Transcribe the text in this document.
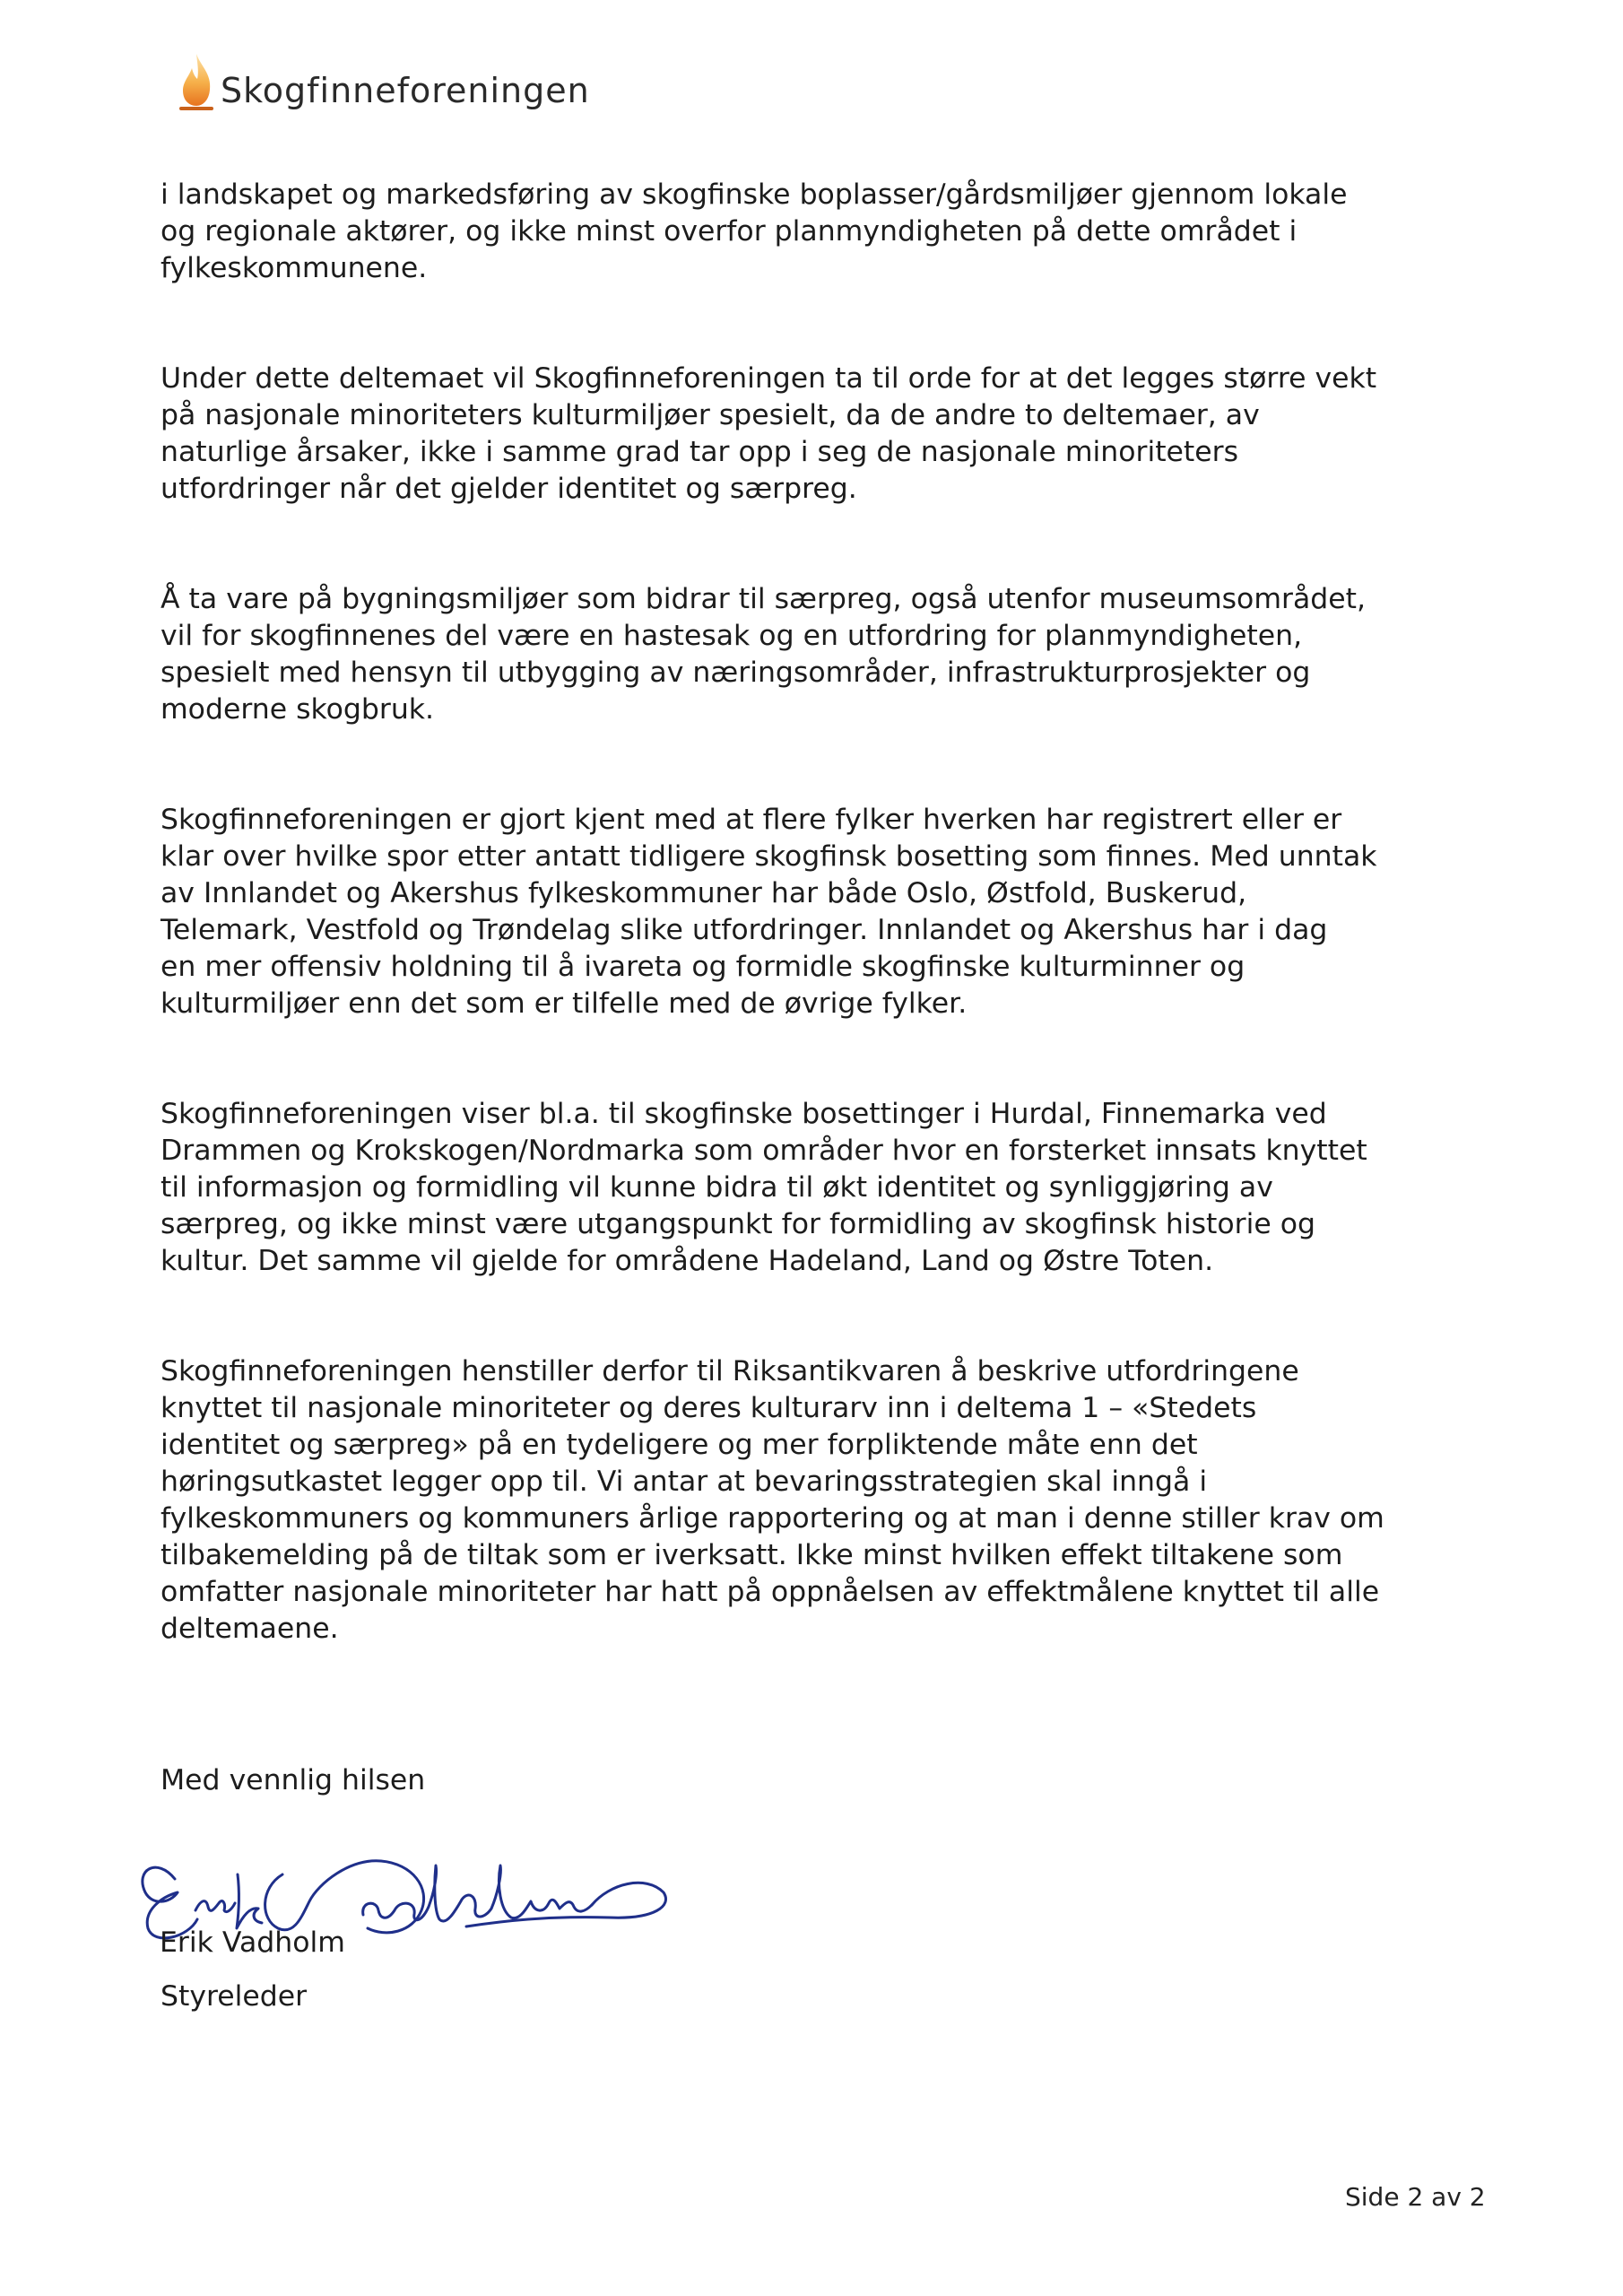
Skogfinneforeningen

i landskapet og markedsføring av skogfinske boplasser/gårdsmiljøer gjennom lokale
og regionale aktører, og ikke minst overfor planmyndigheten på dette området i
fylkeskommunene.

Under dette deltemaet vil Skogfinneforeningen ta til orde for at det legges større vekt
på nasjonale minoriteters kulturmiljøer spesielt, da de andre to deltemaer, av
naturlige årsaker, ikke i samme grad tar opp i seg de nasjonale minoriteters
utfordringer når det gjelder identitet og særpreg.

Å ta vare på bygningsmiljøer som bidrar til særpreg, også utenfor museumsområdet,
vil for skogfinnenes del være en hastesak og en utfordring for planmyndigheten,
spesielt med hensyn til utbygging av næringsområder, infrastrukturprosjekter og
moderne skogbruk.

Skogfinneforeningen er gjort kjent med at flere fylker hverken har registrert eller er
klar over hvilke spor etter antatt tidligere skogfinsk bosetting som finnes. Med unntak
av Innlandet og Akershus fylkeskommuner har både Oslo, Østfold, Buskerud,
Telemark, Vestfold og Trøndelag slike utfordringer. Innlandet og Akershus har i dag
en mer offensiv holdning til å ivareta og formidle skogfinske kulturminner og
kulturmiljøer enn det som er tilfelle med de øvrige fylker.

Skogfinneforeningen viser bl.a. til skogfinske bosettinger i Hurdal, Finnemarka ved
Drammen og Krokskogen/Nordmarka som områder hvor en forsterket innsats knyttet
til informasjon og formidling vil kunne bidra til økt identitet og synliggjøring av
særpreg, og ikke minst være utgangspunkt for formidling av skogfinsk historie og
kultur. Det samme vil gjelde for områdene Hadeland, Land og Østre Toten.

Skogfinneforeningen henstiller derfor til Riksantikvaren å beskrive utfordringene
knyttet til nasjonale minoriteter og deres kulturarv inn i deltema 1 – «Stedets
identitet og særpreg» på en tydeligere og mer forpliktende måte enn det
høringsutkastet legger opp til. Vi antar at bevaringsstrategien skal inngå i
fylkeskommuners og kommuners årlige rapportering og at man i denne stiller krav om
tilbakemelding på de tiltak som er iverksatt. Ikke minst hvilken effekt tiltakene som
omfatter nasjonale minoriteter har hatt på oppnåelsen av effektmålene knyttet til alle
deltemaene.

Med vennlig hilsen
Erik Vadholm
Styreleder
Side 2 av 2
